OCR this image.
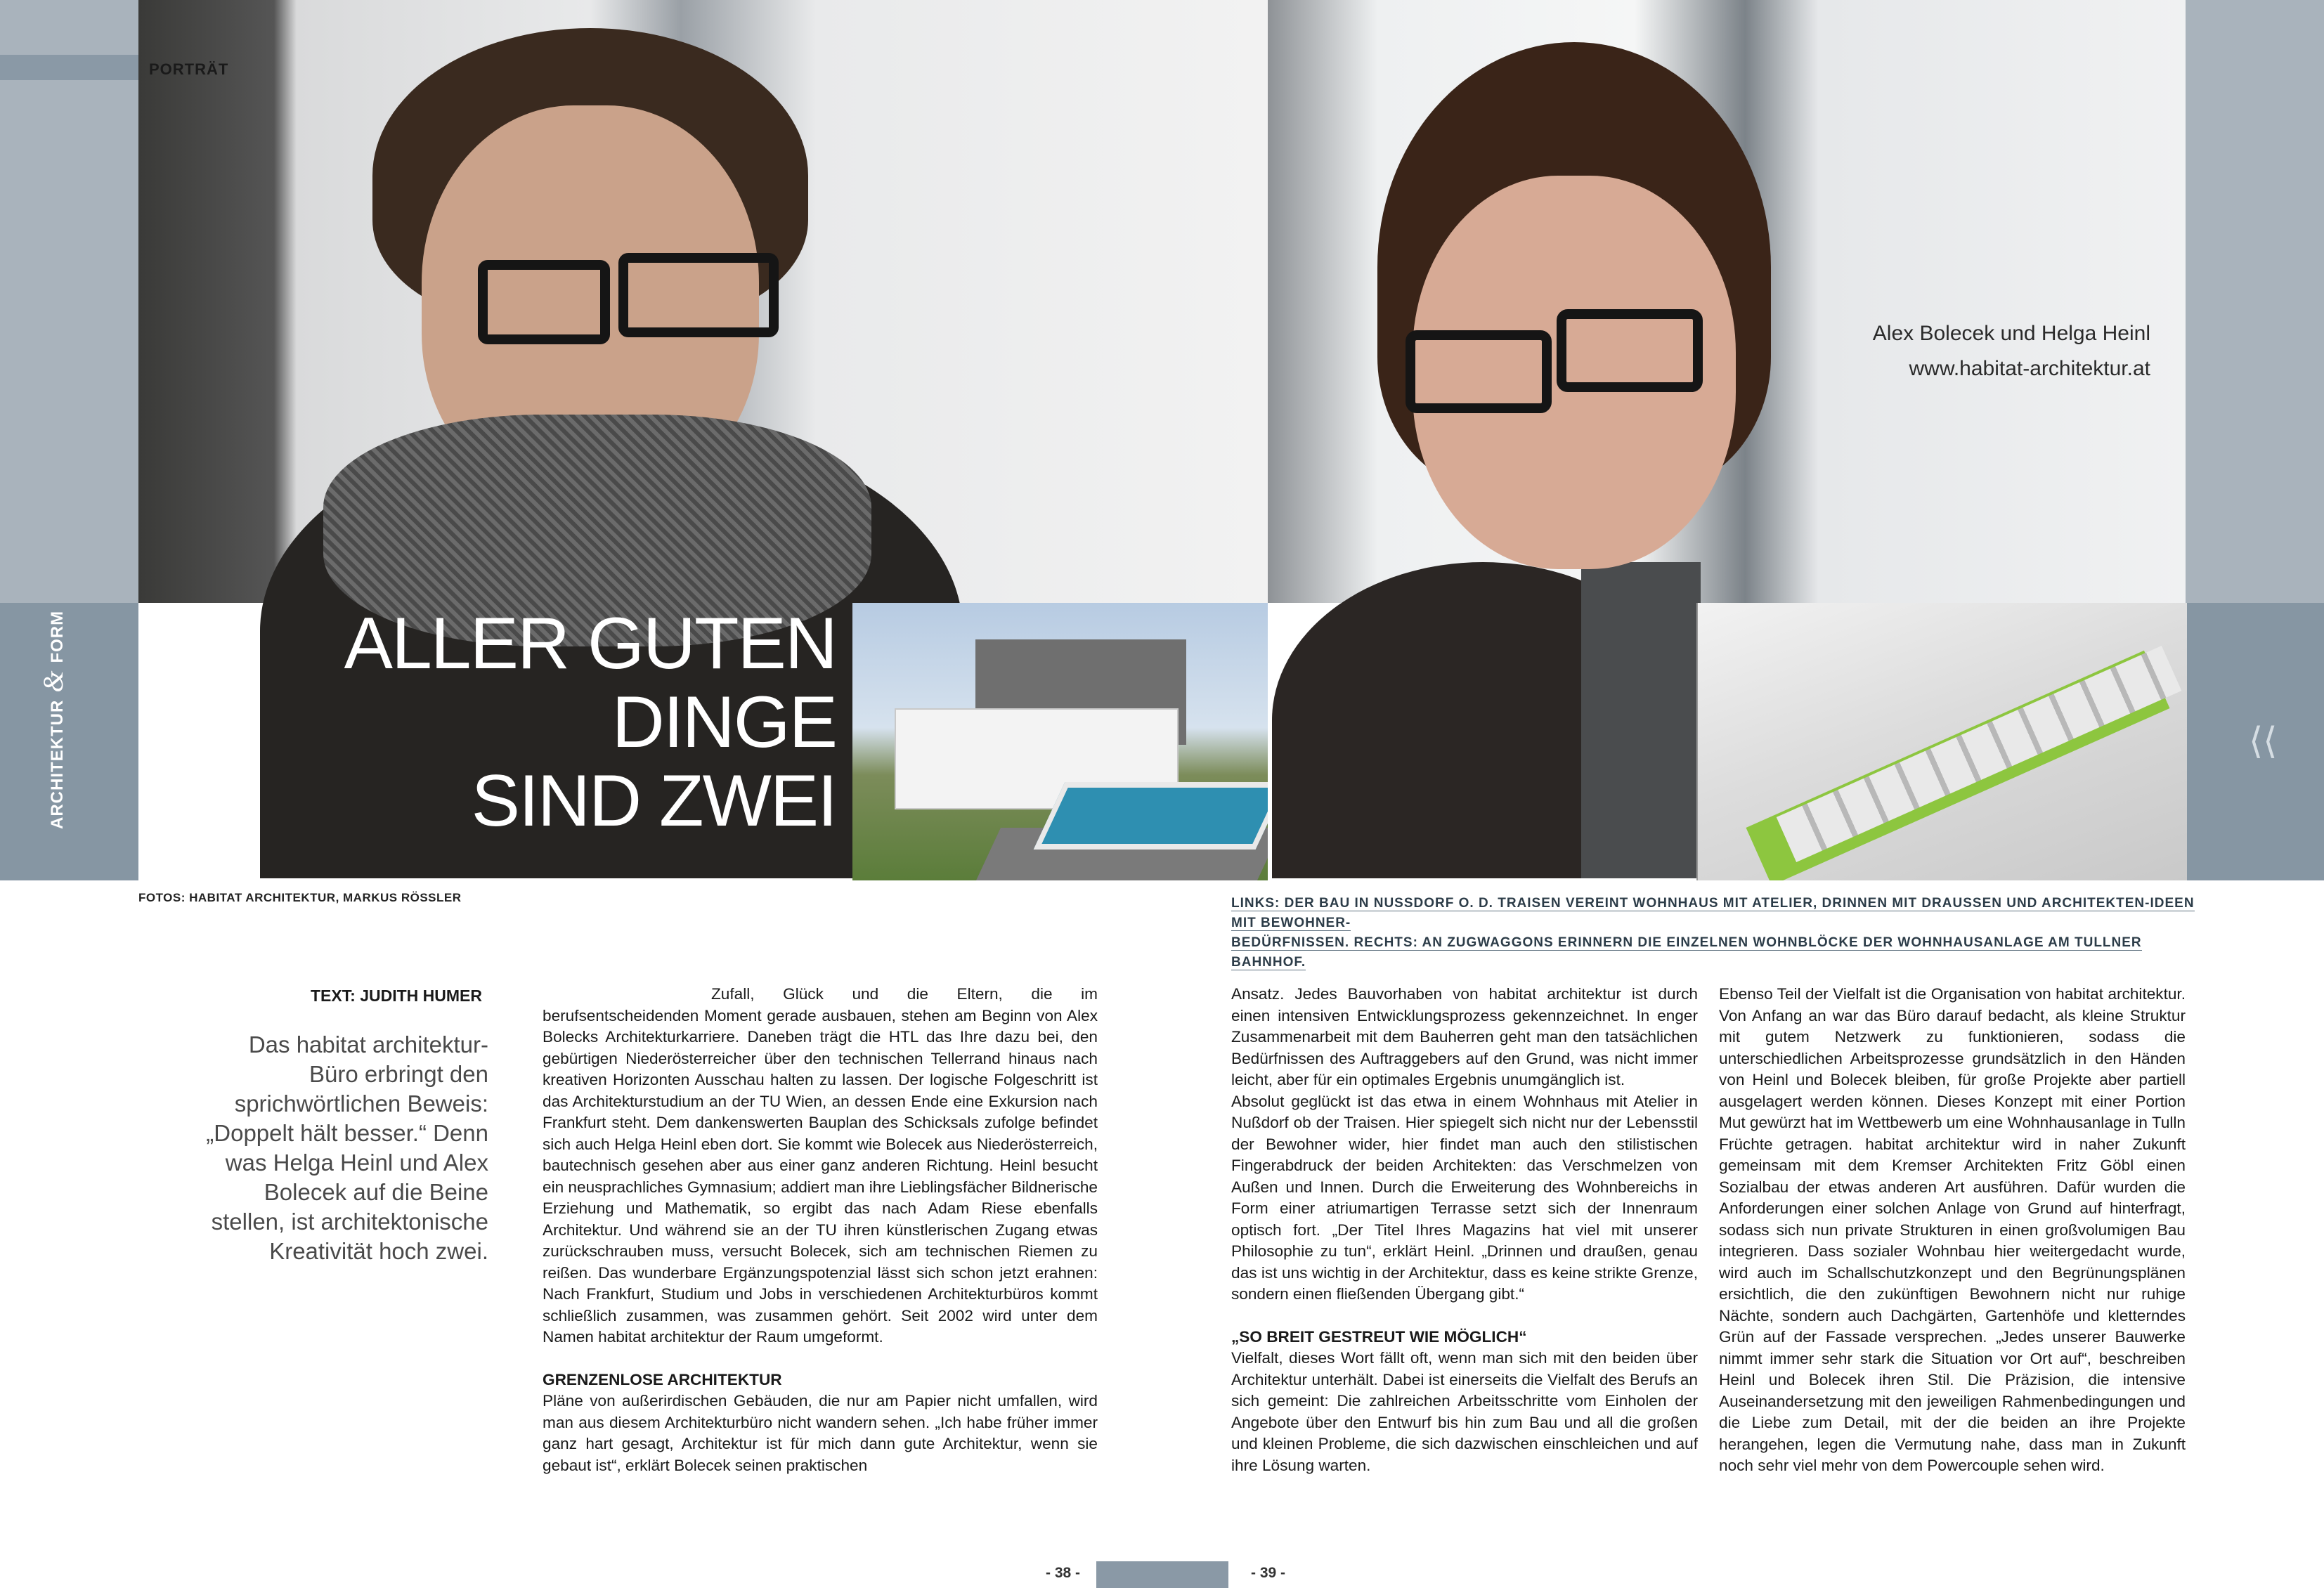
ARCHITEKTUR&FORM
⟨⟨
PORTRÄT
ALLER GUTEN
DINGE
SIND ZWEI
Alex Bolecek und Helga Heinl
www.habitat-architektur.at
FOTOS: HABITAT ARCHITEKTUR, MARKUS RÖSSLER	LINKS: DER BAU IN NUSSDORF O. D. TRAISEN VEREINT WOHNHAUS MIT ATELIER, DRINNEN MIT DRAUSSEN UND ARCHITEKTEN-IDEEN MIT BEWOHNER-
BEDÜRFNISSEN. RECHTS: AN ZUGWAGGONS ERINNERN DIE EINZELNEN WOHNBLÖCKE DER WOHNHAUSANLAGE AM TULLNER BAHNHOF.
TEXT: JUDITH HUMER
Das habitat architektur-Büro erbringt den sprichwörtlichen Beweis: „Doppelt hält besser.“ Denn was Helga Heinl und Alex Bolecek auf die Beine stellen, ist architektonische Kreativität hoch zwei.

Zufall, Glück und die Eltern, die im berufsentscheidenden Moment gerade ausbauen, stehen am Beginn von Alex Bolecks Architekturkarriere. Daneben trägt die HTL das Ihre dazu bei, den gebürtigen Niederösterreicher über den technischen Tellerrand hinaus nach kreativen Horizonten Ausschau halten zu lassen. Der logische Folgeschritt ist das Architekturstudium an der TU Wien, an dessen Ende eine Exkursion nach Frankfurt steht. Dem dankenswerten Bauplan des Schicksals zufolge befindet sich auch Helga Heinl eben dort. Sie kommt wie Bolecek aus Niederösterreich, bautechnisch gesehen aber aus einer ganz anderen Richtung. Heinl besucht ein neusprachliches Gymnasium; addiert man ihre Lieblingsfächer Bildnerische Erziehung und Mathematik, so ergibt das nach Adam Riese ebenfalls Architektur. Und während sie an der TU ihren künstlerischen Zugang etwas zurückschrauben muss, versucht Bolecek, sich am technischen Riemen zu reißen. Das wunderbare Ergänzungspotenzial lässt sich schon jetzt erahnen: Nach Frankfurt, Studium und Jobs in verschiedenen Architekturbüros kommt schließlich zusammen, was zusammen gehört. Seit 2002 wird unter dem Namen habitat architektur der Raum umgeformt.

GRENZENLOSE ARCHITEKTUR

Pläne von außerirdischen Gebäuden, die nur am Papier nicht umfallen, wird man aus diesem Architekturbüro nicht wandern sehen. „Ich habe früher immer ganz hart gesagt, Architektur ist für mich dann gute Architektur, wenn sie gebaut ist“, erklärt Bolecek seinen praktischen

Ansatz. Jedes Bauvorhaben von habitat architektur ist durch einen intensiven Entwicklungsprozess gekennzeichnet. In enger Zusammenarbeit mit dem Bauherren geht man den tatsächlichen Bedürfnissen des Auftraggebers auf den Grund, was nicht immer leicht, aber für ein optimales Ergebnis unumgänglich ist.

Absolut geglückt ist das etwa in einem Wohnhaus mit Atelier in Nußdorf ob der Traisen. Hier spiegelt sich nicht nur der Lebensstil der Bewohner wider, hier findet man auch den stilistischen Fingerabdruck der beiden Architekten: das Verschmelzen von Außen und Innen. Durch die Erweiterung des Wohnbereichs in Form einer atriumartigen Terrasse setzt sich der Innenraum optisch fort. „Der Titel Ihres Magazins hat viel mit unserer Philosophie zu tun“, erklärt Heinl. „Drinnen und draußen, genau das ist uns wichtig in der Architektur, dass es keine strikte Grenze, sondern einen fließenden Übergang gibt.“

„SO BREIT GESTREUT WIE MÖGLICH“

Vielfalt, dieses Wort fällt oft, wenn man sich mit den beiden über Architektur unterhält. Dabei ist einerseits die Vielfalt des Berufs an sich gemeint: Die zahlreichen Arbeitsschritte vom Einholen der Angebote über den Entwurf bis hin zum Bau und all die großen und kleinen Probleme, die sich dazwischen einschleichen und auf ihre Lösung warten.

Ebenso Teil der Vielfalt ist die Organisation von habitat architektur. Von Anfang an war das Büro darauf bedacht, als kleine Struktur mit gutem Netzwerk zu funktionieren, sodass die unterschiedlichen Arbeitsprozesse grundsätzlich in den Händen von Heinl und Bolecek bleiben, für große Projekte aber partiell ausgelagert werden können. Dieses Konzept mit einer Portion Mut gewürzt hat im Wettbewerb um eine Wohnhausanlage in Tulln Früchte getragen. habitat architektur wird in naher Zukunft gemeinsam mit dem Kremser Architekten Fritz Göbl einen Sozialbau der etwas anderen Art ausführen. Dafür wurden die Anforderungen einer solchen Anlage von Grund auf hinterfragt, sodass sich nun private Strukturen in einen großvolumigen Bau integrieren. Dass sozialer Wohnbau hier weitergedacht wurde, wird auch im Schallschutzkonzept und den Begrünungsplänen ersichtlich, die den zukünftigen Bewohnern nicht nur ruhige Nächte, sondern auch Dachgärten, Gartenhöfe und kletterndes Grün auf der Fassade versprechen. „Jedes unserer Bauwerke nimmt immer sehr stark die Situation vor Ort auf“, beschreiben Heinl und Bolecek ihren Stil. Die Präzision, die intensive Auseinandersetzung mit den jeweiligen Rahmenbedingungen und die Liebe zum Detail, mit der die beiden an ihre Projekte herangehen, legen die Vermutung nahe, dass man in Zukunft noch sehr viel mehr von dem Powercouple sehen wird.

- 38 -	- 39 -
